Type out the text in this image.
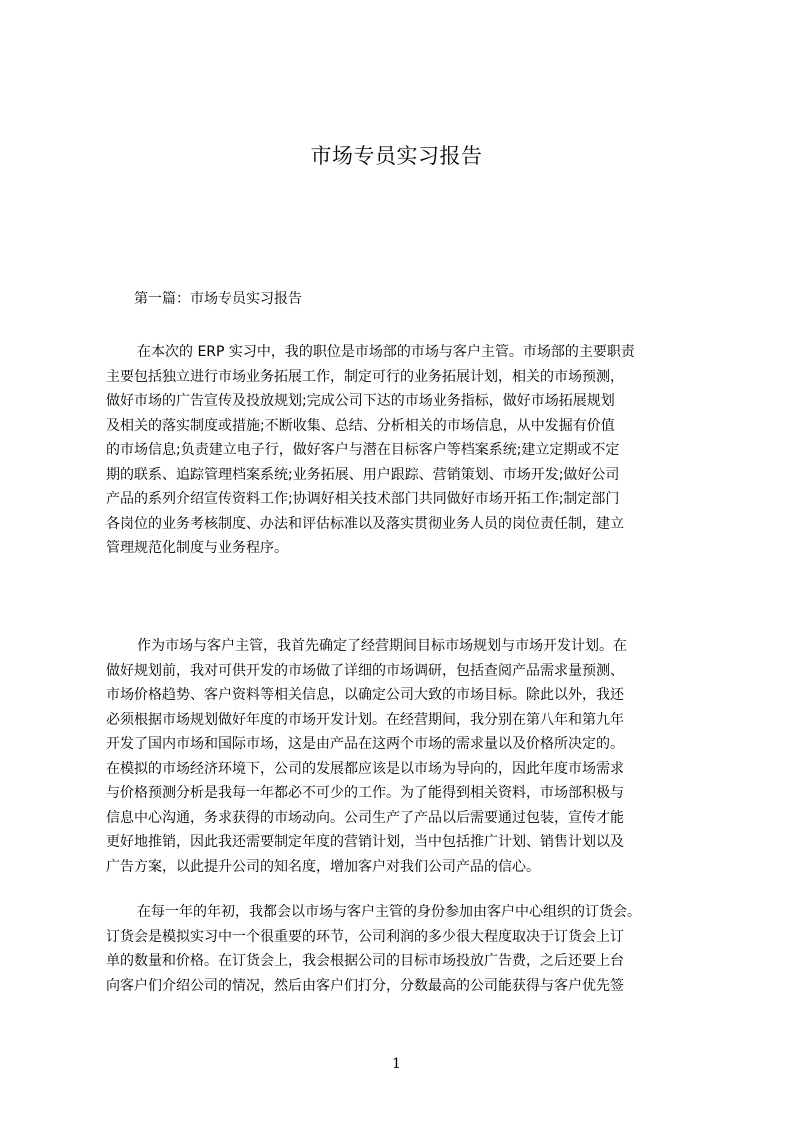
市场专员实习报告
第一篇：市场专员实习报告
在本次的 ERP 实习中，我的职位是市场部的市场与客户主管。市场部的主要职责
主要包括独立进行市场业务拓展工作，制定可行的业务拓展计划，相关的市场预测，
做好市场的广告宣传及投放规划;完成公司下达的市场业务指标，做好市场拓展规划
及相关的落实制度或措施;不断收集、总结、分析相关的市场信息，从中发掘有价值
的市场信息;负责建立电子行，做好客户与潜在目标客户等档案系统;建立定期或不定
期的联系、追踪管理档案系统;业务拓展、用户跟踪、营销策划、市场开发;做好公司
产品的系列介绍宣传资料工作;协调好相关技术部门共同做好市场开拓工作;制定部门
各岗位的业务考核制度、办法和评估标准以及落实贯彻业务人员的岗位责任制，建立
管理规范化制度与业务程序。
作为市场与客户主管，我首先确定了经营期间目标市场规划与市场开发计划。在
做好规划前，我对可供开发的市场做了详细的市场调研，包括查阅产品需求量预测、
市场价格趋势、客户资料等相关信息，以确定公司大致的市场目标。除此以外，我还
必须根据市场规划做好年度的市场开发计划。在经营期间，我分别在第八年和第九年
开发了国内市场和国际市场，这是由产品在这两个市场的需求量以及价格所决定的。
在模拟的市场经济环境下，公司的发展都应该是以市场为导向的，因此年度市场需求
与价格预测分析是我每一年都必不可少的工作。为了能得到相关资料，市场部积极与
信息中心沟通，务求获得的市场动向。公司生产了产品以后需要通过包装，宣传才能
更好地推销，因此我还需要制定年度的营销计划，当中包括推广计划、销售计划以及
广告方案，以此提升公司的知名度，增加客户对我们公司产品的信心。
在每一年的年初，我都会以市场与客户主管的身份参加由客户中心组织的订货会。
订货会是模拟实习中一个很重要的环节，公司利润的多少很大程度取决于订货会上订
单的数量和价格。在订货会上，我会根据公司的目标市场投放广告费，之后还要上台
向客户们介绍公司的情况，然后由客户们打分，分数最高的公司能获得与客户优先签
1
